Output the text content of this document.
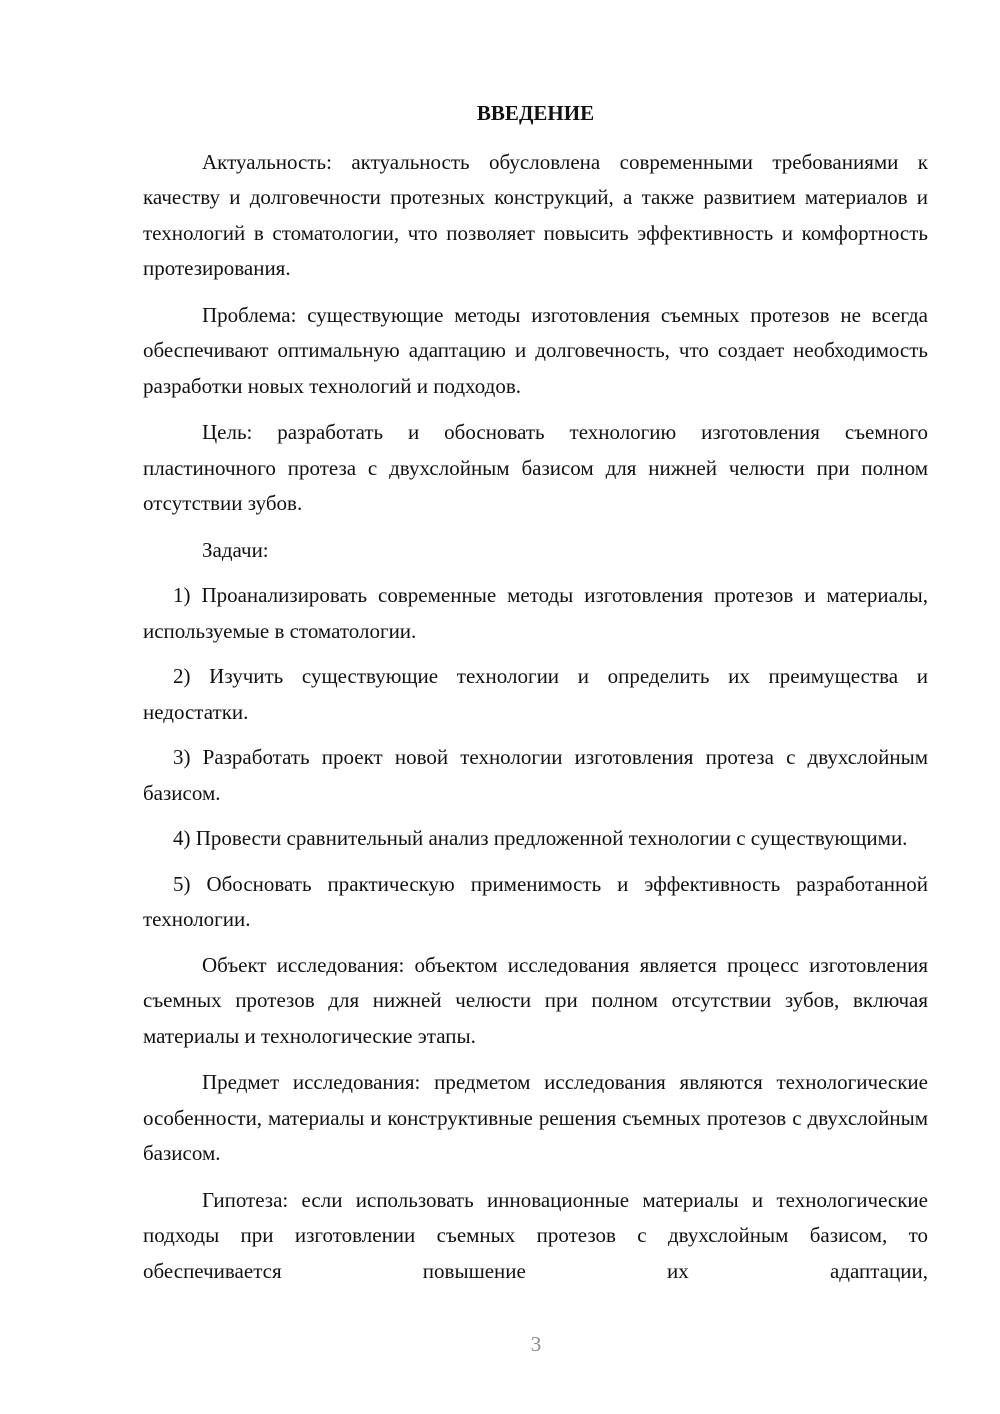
ВВЕДЕНИЕ

Актуальность: актуальность обусловлена современными требованиями к качеству и долговечности протезных конструкций, а также развитием материалов и технологий в стоматологии, что позволяет повысить эффективность и комфортность протезирования.

Проблема: существующие методы изготовления съемных протезов не всегда обеспечивают оптимальную адаптацию и долговечность, что создает необходимость разработки новых технологий и подходов.

Цель: разработать и обосновать технологию изготовления съемного пластиночного протеза с двухслойным базисом для нижней челюсти при полном отсутствии зубов.

Задачи:

1) Проанализировать современные методы изготовления протезов и материалы, используемые в стоматологии.

2) Изучить существующие технологии и определить их преимущества и недостатки.

3) Разработать проект новой технологии изготовления протеза с двухслойным базисом.

4) Провести сравнительный анализ предложенной технологии с существующими.

5) Обосновать практическую применимость и эффективность разработанной технологии.

Объект исследования: объектом исследования является процесс изготовления съемных протезов для нижней челюсти при полном отсутствии зубов, включая материалы и технологические этапы.

Предмет исследования: предметом исследования являются технологические особенности, материалы и конструктивные решения съемных протезов с двухслойным базисом.

Гипотеза: если использовать инновационные материалы и технологические подходы при изготовлении съемных протезов с двухслойным базисом, то обеспечивается повышение их адаптации,

3
